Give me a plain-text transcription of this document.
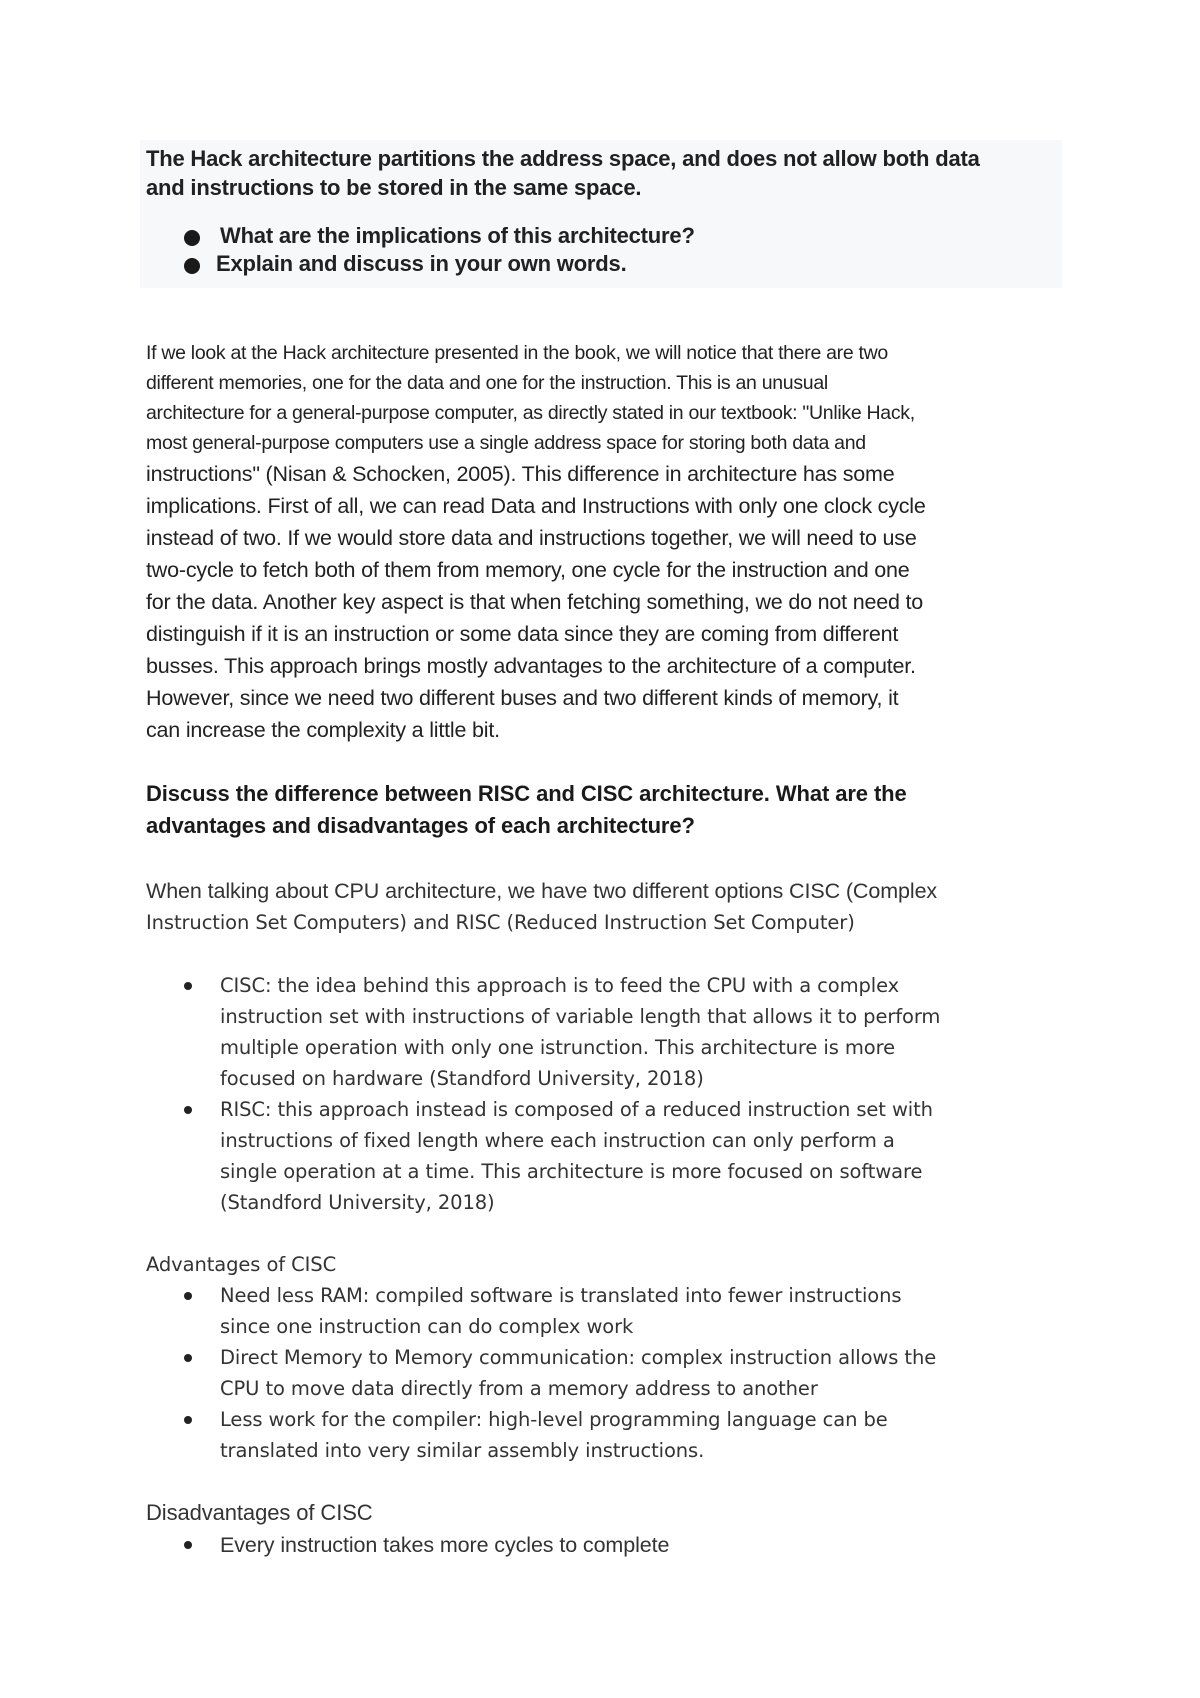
The Hack architecture partitions the address space, and does not allow both data
and instructions to be stored in the same space.
What are the implications of this architecture?
Explain and discuss in your own words.
If we look at the Hack architecture presented in the book, we will notice that there are two
different memories, one for the data and one for the instruction. This is an unusual
architecture for a general-purpose computer, as directly stated in our textbook: "Unlike Hack,
most general-purpose computers use a single address space for storing both data and
instructions" (Nisan & Schocken, 2005). This difference in architecture has some
implications. First of all, we can read Data and Instructions with only one clock cycle
instead of two. If we would store data and instructions together, we will need to use
two-cycle to fetch both of them from memory, one cycle for the instruction and one
for the data. Another key aspect is that when fetching something, we do not need to
distinguish if it is an instruction or some data since they are coming from different
busses. This approach brings mostly advantages to the architecture of a computer.
However, since we need two different buses and two different kinds of memory, it
can increase the complexity a little bit.
Discuss the difference between RISC and CISC architecture. What are the
advantages and disadvantages of each architecture?
When talking about CPU architecture, we have two different options CISC (Complex
Instruction Set Computers) and RISC (Reduced Instruction Set Computer)
CISC: the idea behind this approach is to feed the CPU with a complex
instruction set with instructions of variable length that allows it to perform
multiple operation with only one istrunction. This architecture is more
focused on hardware (Standford University, 2018)
RISC: this approach instead is composed of a reduced instruction set with
instructions of fixed length where each instruction can only perform a
single operation at a time. This architecture is more focused on software
(Standford University, 2018)
Advantages of CISC
Need less RAM: compiled software is translated into fewer instructions
since one instruction can do complex work
Direct Memory to Memory communication: complex instruction allows the
CPU to move data directly from a memory address to another
Less work for the compiler: high-level programming language can be
translated into very similar assembly instructions.
Disadvantages of CISC
Every instruction takes more cycles to complete
